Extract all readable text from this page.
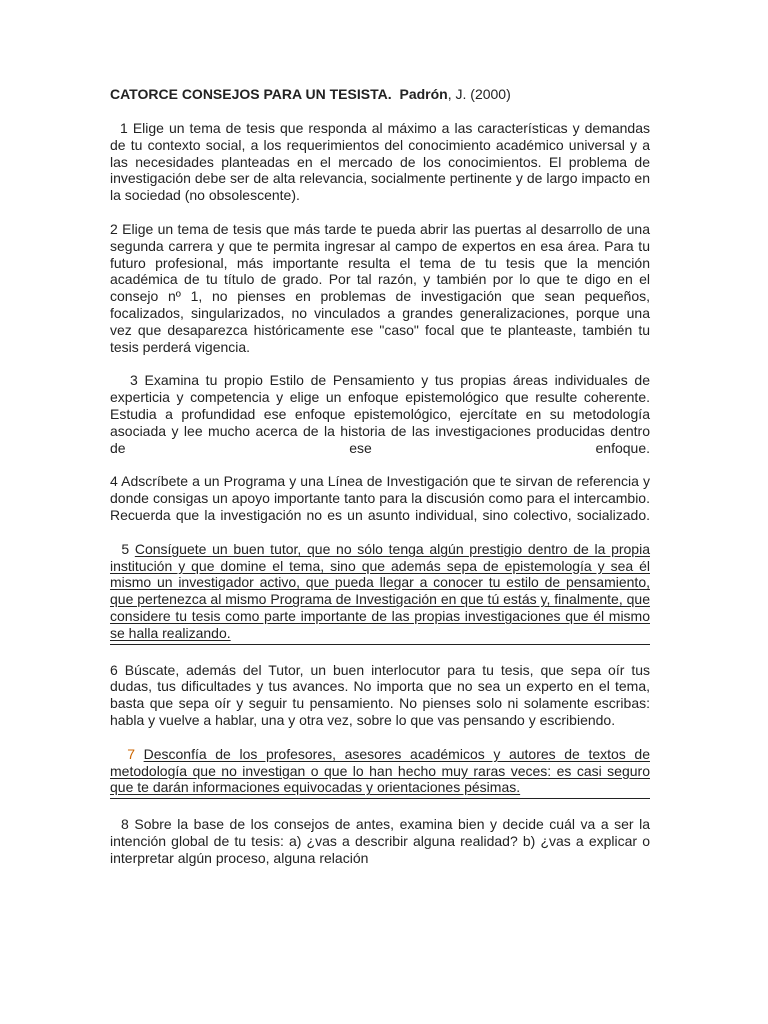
CATORCE CONSEJOS PARA UN TESISTA. Padrón, J. (2000)

1 Elige un tema de tesis que responda al máximo a las características y demandas de tu contexto social, a los requerimientos del conocimiento académico universal y a las necesidades planteadas en el mercado de los conocimientos. El problema de investigación debe ser de alta relevancia, socialmente pertinente y de largo impacto en la sociedad (no obsolescente).

2 Elige un tema de tesis que más tarde te pueda abrir las puertas al desarrollo de una segunda carrera y que te permita ingresar al campo de expertos en esa área. Para tu futuro profesional, más importante resulta el tema de tu tesis que la mención académica de tu título de grado. Por tal razón, y también por lo que te digo en el consejo nº 1, no pienses en problemas de investigación que sean pequeños, focalizados, singularizados, no vinculados a grandes generalizaciones, porque una vez que desaparezca históricamente ese "caso" focal que te planteaste, también tu tesis perderá vigencia.

3 Examina tu propio Estilo de Pensamiento y tus propias áreas individuales de experticia y competencia y elige un enfoque epistemológico que resulte coherente. Estudia a profundidad ese enfoque epistemológico, ejercítate en su metodología asociada y lee mucho acerca de la historia de las investigaciones producidas dentro de ese enfoque.

4 Adscríbete a un Programa y una Línea de Investigación que te sirvan de referencia y donde consigas un apoyo importante tanto para la discusión como para el intercambio. Recuerda que la investigación no es un asunto individual, sino colectivo, socializado.

5 Consíguete un buen tutor, que no sólo tenga algún prestigio dentro de la propia institución y que domine el tema, sino que además sepa de epistemología y sea él mismo un investigador activo, que pueda llegar a conocer tu estilo de pensamiento, que pertenezca al mismo Programa de Investigación en que tú estás y, finalmente, que considere tu tesis como parte importante de las propias investigaciones que él mismo se halla realizando.

6 Búscate, además del Tutor, un buen interlocutor para tu tesis, que sepa oír tus dudas, tus dificultades y tus avances. No importa que no sea un experto en el tema, basta que sepa oír y seguir tu pensamiento. No pienses solo ni solamente escribas: habla y vuelve a hablar, una y otra vez, sobre lo que vas pensando y escribiendo.

7 Desconfía de los profesores, asesores académicos y autores de textos de metodología que no investigan o que lo han hecho muy raras veces: es casi seguro que te darán informaciones equivocadas y orientaciones pésimas.

8 Sobre la base de los consejos de antes, examina bien y decide cuál va a ser la intención global de tu tesis: a) ¿vas a describir alguna realidad? b) ¿vas a explicar o interpretar algún proceso, alguna relación
